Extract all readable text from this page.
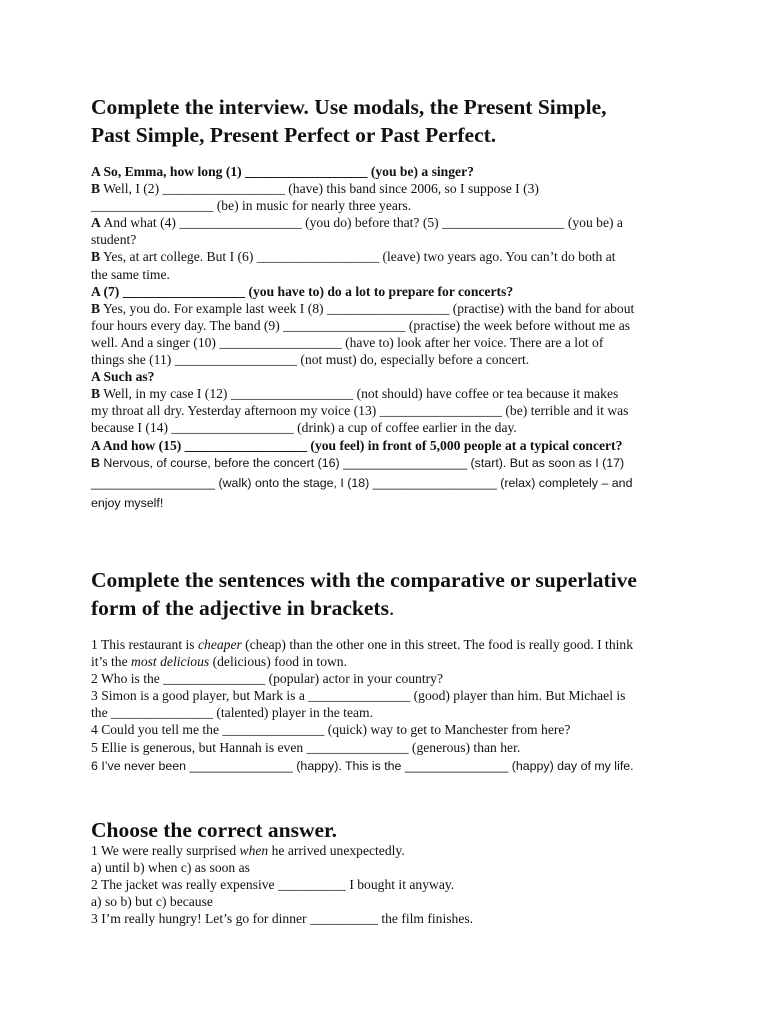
Complete the interview. Use modals, the Present Simple,
Past Simple, Present Perfect or Past Perfect.
A So, Emma, how long (1) __________________ (you be) a singer?
B Well, I (2) __________________ (have) this band since 2006, so I suppose I (3)
__________________ (be) in music for nearly three years.
A And what (4) __________________ (you do) before that? (5) __________________ (you be) a
student?
B Yes, at art college. But I (6) __________________ (leave) two years ago. You can’t do both at
the same time.
A (7) __________________ (you have to) do a lot to prepare for concerts?
B Yes, you do. For example last week I (8) __________________ (practise) with the band for about
four hours every day. The band (9) __________________ (practise) the week before without me as
well. And a singer (10) __________________ (have to) look after her voice. There are a lot of
things she (11) __________________ (not must) do, especially before a concert.
A Such as?
B Well, in my case I (12) __________________ (not should) have coffee or tea because it makes
my throat all dry. Yesterday afternoon my voice (13) __________________ (be) terrible and it was
because I (14) __________________ (drink) a cup of coffee earlier in the day.
A And how (15) __________________ (you feel) in front of 5,000 people at a typical concert?
B Nervous, of course, before the concert (16) __________________ (start). But as soon as I (17)
__________________ (walk) onto the stage, I (18) __________________ (relax) completely – and
enjoy myself!
Complete the sentences with the comparative or superlative
form of the adjective in brackets.
1 This restaurant is cheaper (cheap) than the other one in this street. The food is really good. I think
it’s the most delicious (delicious) food in town.
2 Who is the _______________ (popular) actor in your country?
3 Simon is a good player, but Mark is a _______________ (good) player than him. But Michael is
the _______________ (talented) player in the team.
4 Could you tell me the _______________ (quick) way to get to Manchester from here?
5 Ellie is generous, but Hannah is even _______________ (generous) than her.
6 I’ve never been _______________ (happy). This is the _______________ (happy) day of my life.
Choose the correct answer.
1 We were really surprised when he arrived unexpectedly.
a) until b) when c) as soon as
2 The jacket was really expensive __________ I bought it anyway.
a) so b) but c) because
3 I’m really hungry! Let’s go for dinner __________ the film finishes.
